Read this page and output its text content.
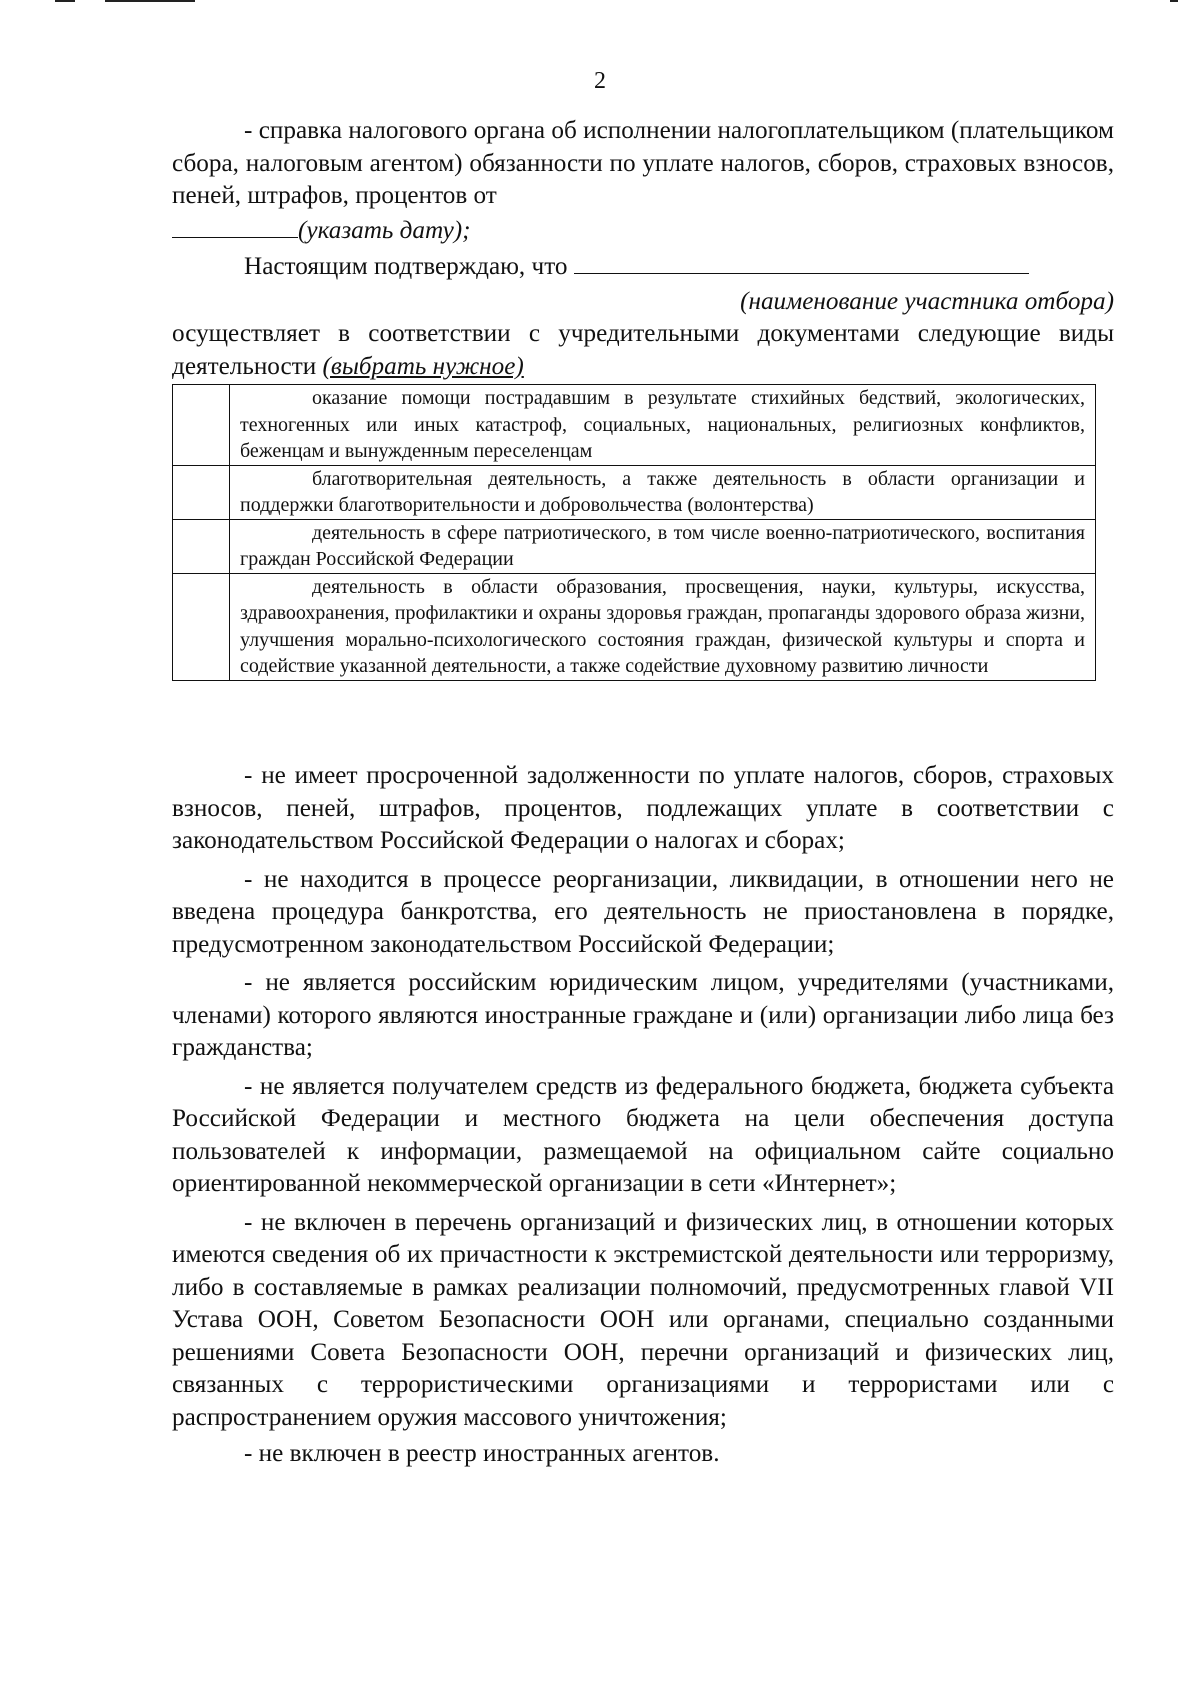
2

- справка налогового органа об исполнении налогоплательщиком (плательщиком сбора, налоговым агентом) обязанности по уплате налогов, сборов, страховых взносов, пеней, штрафов, процентов от

(указать дату);

Настоящим подтверждаю, что

(наименование участника отбора)

осуществляет в соответствии с учредительными документами следующие виды деятельности (выбрать нужное)

	оказание помощи пострадавшим в результате стихийных бедствий, экологических, техногенных или иных катастроф, социальных, национальных, религиозных конфликтов, беженцам и вынужденным переселенцам

	благотворительная деятельность, а также деятельность в области организации и поддержки благотворительности и добровольчества (волонтерства)

	деятельность в сфере патриотического, в том числе военно-патриотического, воспитания граждан Российской Федерации

	деятельность в области образования, просвещения, науки, культуры, искусства, здравоохранения, профилактики и охраны здоровья граждан, пропаганды здорового образа жизни, улучшения морально-психологического состояния граждан, физической культуры и спорта и содействие указанной деятельности, а также содействие духовному развитию личности

- не имеет просроченной задолженности по уплате налогов, сборов, страховых взносов, пеней, штрафов, процентов, подлежащих уплате в соответствии с законодательством Российской Федерации о налогах и сборах;

- не находится в процессе реорганизации, ликвидации, в отношении него не введена процедура банкротства, его деятельность не приостановлена в порядке, предусмотренном законодательством Российской Федерации;

- не является российским юридическим лицом, учредителями (участниками, членами) которого являются иностранные граждане и (или) организации либо лица без гражданства;

- не является получателем средств из федерального бюджета, бюджета субъекта Российской Федерации и местного бюджета на цели обеспечения доступа пользователей к информации, размещаемой на официальном сайте социально ориентированной некоммерческой организации в сети «Интернет»;

- не включен в перечень организаций и физических лиц, в отношении которых имеются сведения об их причастности к экстремистской деятельности или терроризму, либо в составляемые в рамках реализации полномочий, предусмотренных главой VII Устава ООН, Советом Безопасности ООН или органами, специально созданными решениями Совета Безопасности ООН, перечни организаций и физических лиц, связанных с террористическими организациями и террористами или с распространением оружия массового уничтожения;

- не включен в реестр иностранных агентов.
